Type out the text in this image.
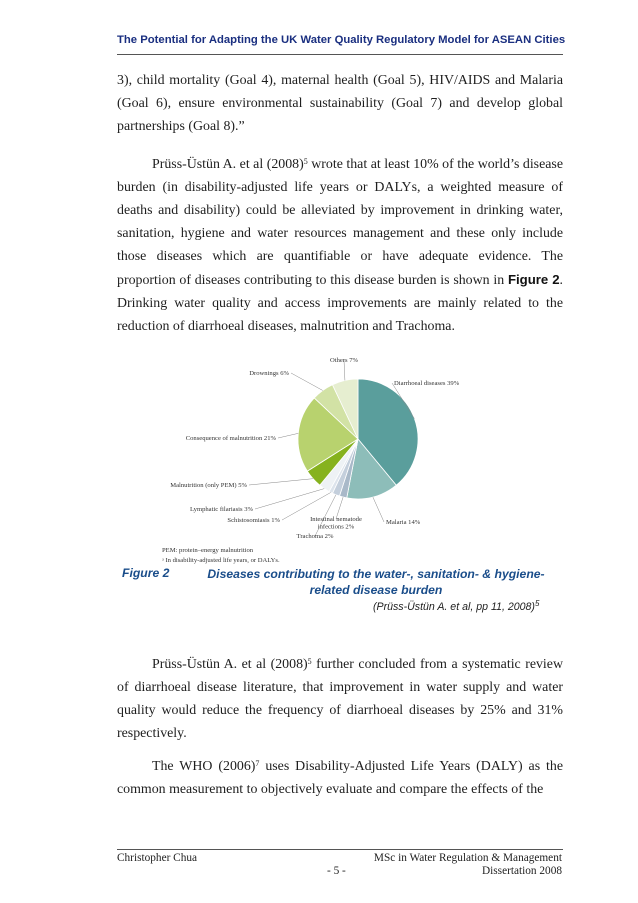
The Potential for Adapting the UK Water Quality Regulatory Model for ASEAN Cities

3), child mortality (Goal 4), maternal health (Goal 5), HIV/AIDS and Malaria (Goal 6), ensure environmental sustainability (Goal 7) and develop global partnerships (Goal 8).”

Prüss-Üstün A. et al $(2008)^5$ wrote that at least 10% of the world’s disease burden (in disability-adjusted life years or DALYs, a weighted measure of deaths and disability) could be alleviated by improvement in drinking water, sanitation, hygiene and water resources management and these only include those diseases which are quantifiable or have adequate evidence. The proportion of diseases contributing to this disease burden is shown in Figure 2. Drinking water quality and access improvements are mainly related to the reduction of diarrhoeal diseases, malnutrition and Trachoma.

Diarrhoeal diseases 39%
Malaria 14%
Intestinal nematode infections 2%
Trachoma 2%
Schistosomiasis 1%
Lymphatic filariasis 3%
Malnutrition (only PEM) 5%
Consequence of malnutrition 21%
Drownings 6%
Others 7%
PEM: protein–energy malnutrition
ᵃ In disability-adjusted life years, or DALYs.
Figure 2	Diseases contributing to the water-, sanitation- & hygiene-related disease burden
(Prüss-Üstün A. et al, pp 11, 2008)$^5$

Prüss-Üstün A. et al $(2008)^5$ further concluded from a systematic review of diarrhoeal disease literature, that improvement in water supply and water quality would reduce the frequency of diarrhoeal diseases by 25% and 31% respectively.

The WHO $(2006)^7$ uses Disability-Adjusted Life Years (DALY) as the common measurement to objectively evaluate and compare the effects of the

Christopher Chua
- 5 -
MSc in Water Regulation & Management
Dissertation 2008
